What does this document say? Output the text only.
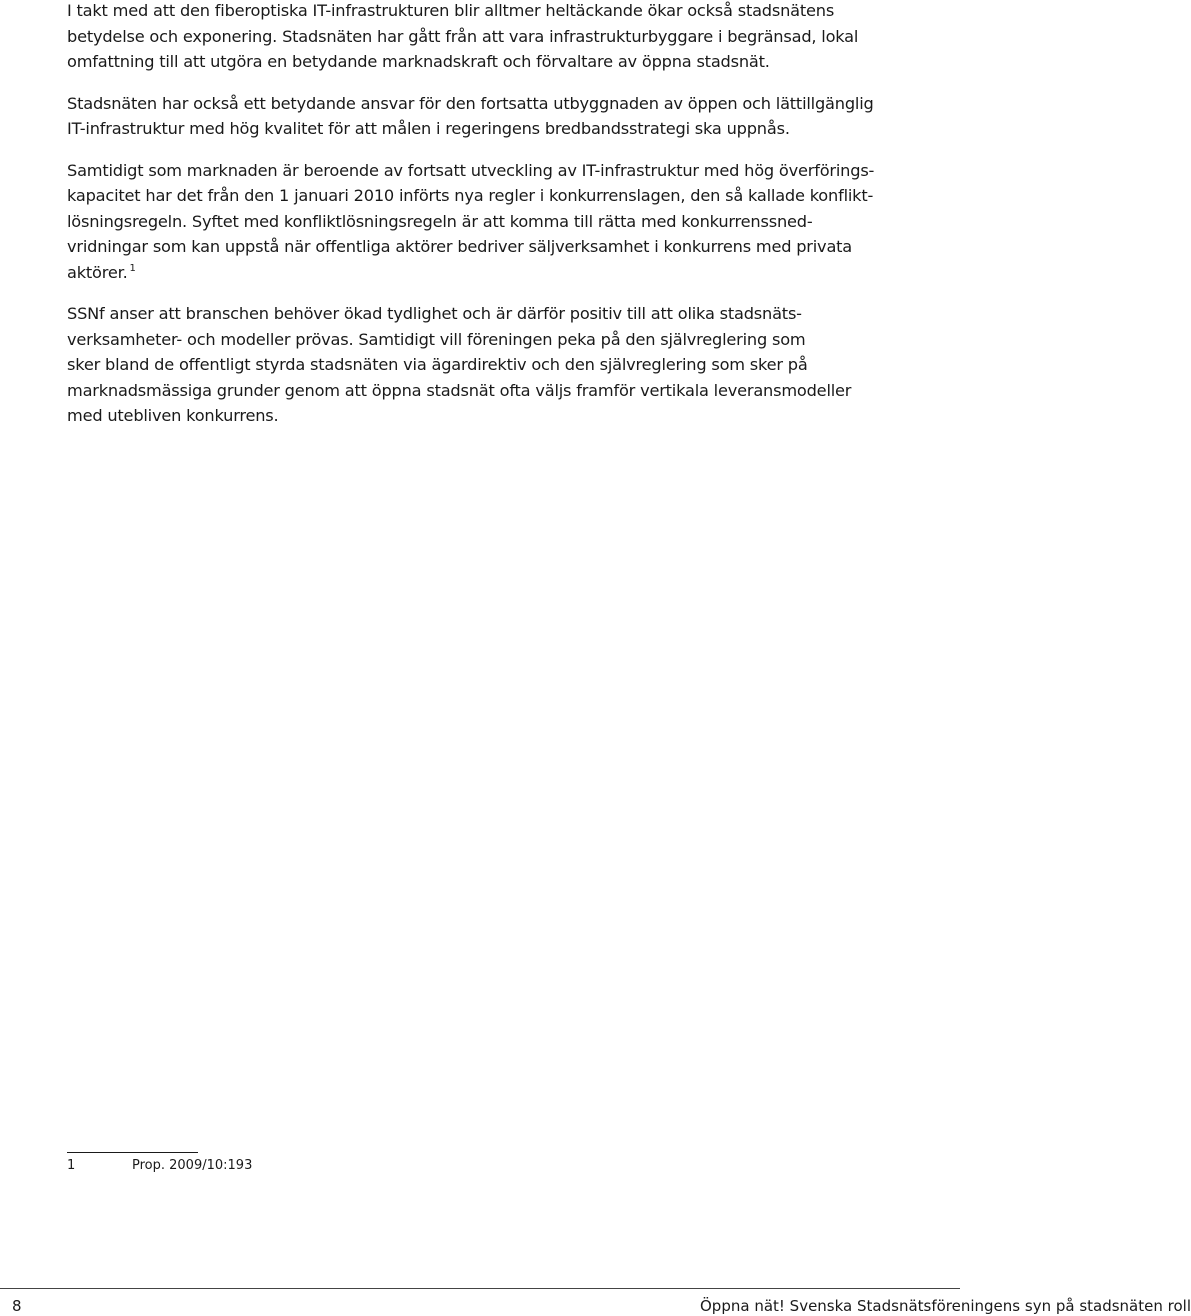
I takt med att den fiberoptiska IT-infrastrukturen blir alltmer heltäckande ökar också stadsnätens
betydelse och exponering. Stadsnäten har gått från att vara infrastrukturbyggare i begränsad, lokal
omfattning till att utgöra en betydande marknadskraft och förvaltare av öppna stadsnät.

Stadsnäten har också ett betydande ansvar för den fortsatta utbyggnaden av öppen och lättillgänglig
IT-infrastruktur med hög kvalitet för att målen i regeringens bredbandsstrategi ska uppnås.

Samtidigt som marknaden är beroende av fortsatt utveckling av IT-infrastruktur med hög överförings-
kapacitet har det från den 1 januari 2010 införts nya regler i konkurrenslagen, den så kallade konflikt-
lösningsregeln. Syftet med konfliktlösningsregeln är att komma till rätta med konkurrenssned-
vridningar som kan uppstå när offentliga aktörer bedriver säljverksamhet i konkurrens med privata
aktörer. $^1$

SSNf anser att branschen behöver ökad tydlighet och är därför positiv till att olika stadsnäts-
verksamheter- och modeller prövas. Samtidigt vill föreningen peka på den självreglering som
sker bland de offentligt styrda stadsnäten via ägardirektiv och den självreglering som sker på
marknadsmässiga grunder genom att öppna stadsnät ofta väljs framför vertikala leveransmodeller
med utebliven konkurrens.

1	Prop. 2009/10:193
8	Öppna nät! Svenska Stadsnätsföreningens syn på stadsnäten roll
